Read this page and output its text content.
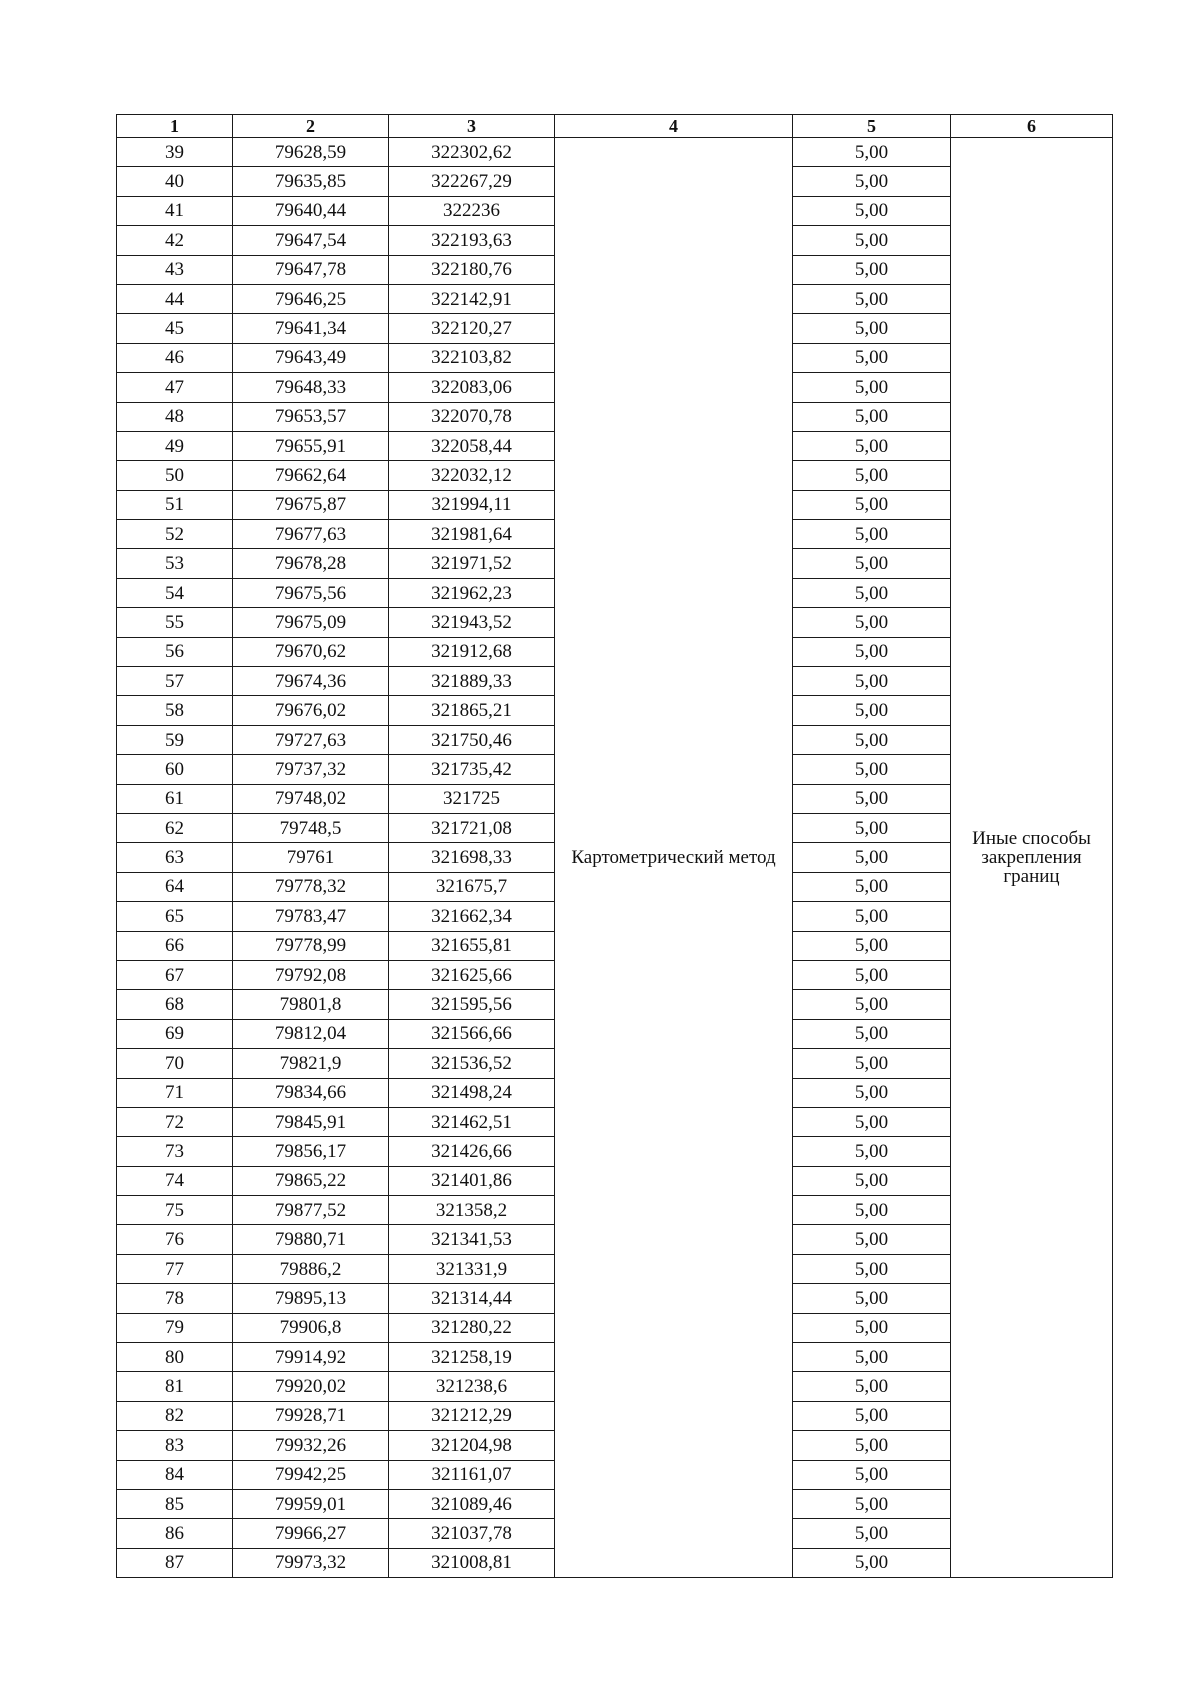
1	2	3	4	5	6
39	79628,59	322302,62	Картометрический метод	5,00	Иные способы закрепления границ
40	79635,85	322267,29		5,00	
41	79640,44	322236		5,00	
42	79647,54	322193,63		5,00	
43	79647,78	322180,76		5,00	
44	79646,25	322142,91		5,00	
45	79641,34	322120,27		5,00	
46	79643,49	322103,82		5,00	
47	79648,33	322083,06		5,00	
48	79653,57	322070,78		5,00	
49	79655,91	322058,44		5,00	
50	79662,64	322032,12		5,00	
51	79675,87	321994,11		5,00	
52	79677,63	321981,64		5,00	
53	79678,28	321971,52		5,00	
54	79675,56	321962,23		5,00	
55	79675,09	321943,52		5,00	
56	79670,62	321912,68		5,00	
57	79674,36	321889,33		5,00	
58	79676,02	321865,21		5,00	
59	79727,63	321750,46		5,00	
60	79737,32	321735,42		5,00	
61	79748,02	321725		5,00	
62	79748,5	321721,08		5,00	
63	79761	321698,33		5,00	
64	79778,32	321675,7		5,00	
65	79783,47	321662,34		5,00	
66	79778,99	321655,81		5,00	
67	79792,08	321625,66		5,00	
68	79801,8	321595,56		5,00	
69	79812,04	321566,66		5,00	
70	79821,9	321536,52		5,00	
71	79834,66	321498,24		5,00	
72	79845,91	321462,51		5,00	
73	79856,17	321426,66		5,00	
74	79865,22	321401,86		5,00	
75	79877,52	321358,2		5,00	
76	79880,71	321341,53		5,00	
77	79886,2	321331,9		5,00	
78	79895,13	321314,44		5,00	
79	79906,8	321280,22		5,00	
80	79914,92	321258,19		5,00	
81	79920,02	321238,6		5,00	
82	79928,71	321212,29		5,00	
83	79932,26	321204,98		5,00	
84	79942,25	321161,07		5,00	
85	79959,01	321089,46		5,00	
86	79966,27	321037,78		5,00	
87	79973,32	321008,81		5,00	
